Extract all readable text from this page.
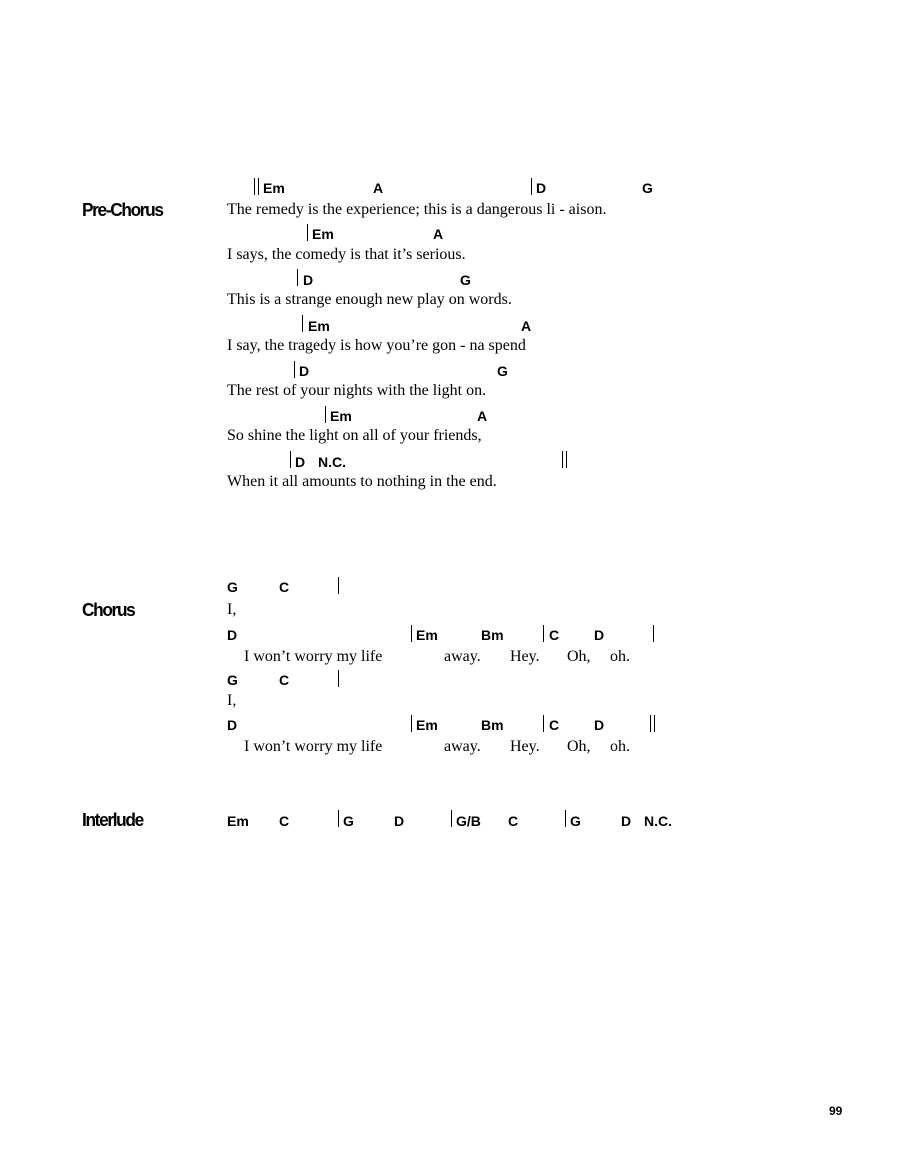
Pre-Chorus
Em	A	D	G
The remedy is the experience; this is a dangerous li - aison.
Em	A
I says, the comedy is that it’s serious.
D	G
This is a strange enough new play on words.
Em	A
I say, the tragedy is how you’re gon - na spend
D	G
The rest of your nights with the light on.
Em	A
So shine the light on all of your friends,
D N.C.
When it all amounts to nothing in the end.
Chorus
G	C
I,
D	Em	Bm	C D
I won’t worry my life	away. Hey. Oh, oh.
G	C
I,
D	Em	Bm	C D
I won’t worry my life	away. Hey. Oh, oh.
Interlude	Em C	G	D	G/B C	G	D N.C.
99
